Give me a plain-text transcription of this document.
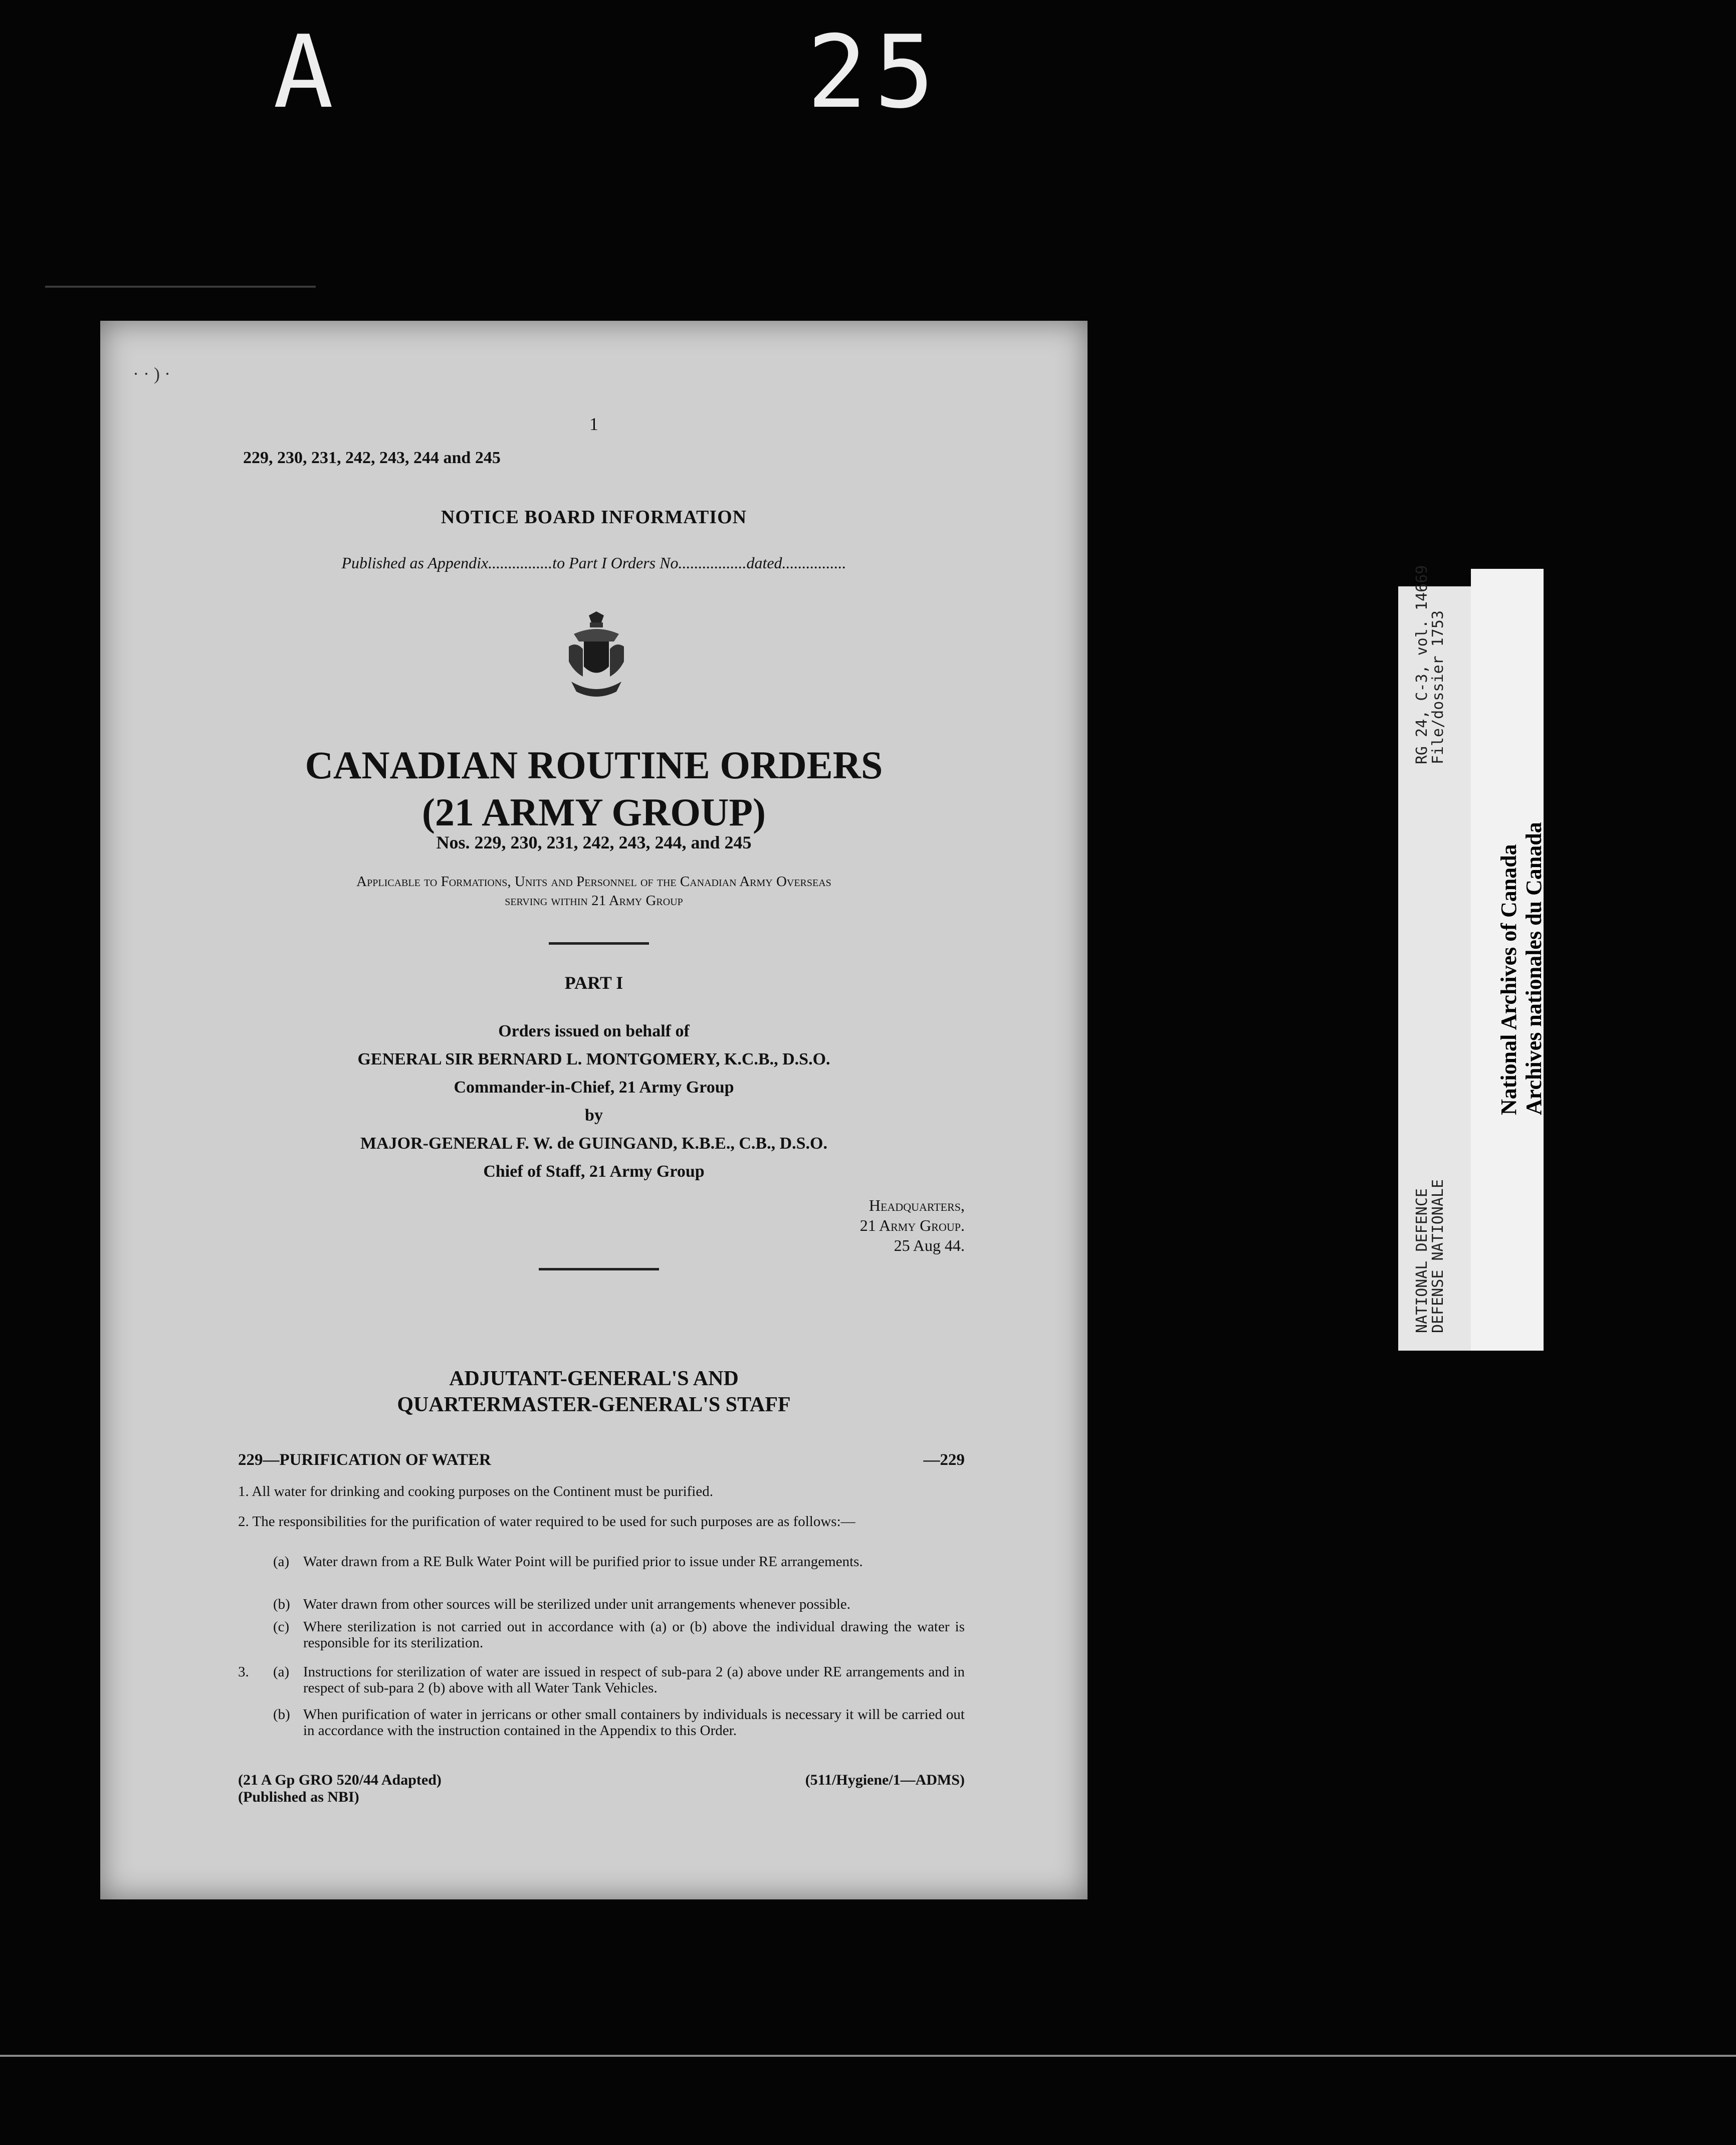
A	25
· · ) ·
1
229, 230, 231, 242, 243, 244 and 245
NOTICE BOARD INFORMATION
Published as Appendix................to Part I Orders No.................dated................
CANADIAN ROUTINE ORDERS
(21 ARMY GROUP)
Nos. 229, 230, 231, 242, 243, 244, and 245
Applicable to Formations, Units and Personnel of the Canadian Army Overseas
serving within 21 Army Group
PART I
Orders issued on behalf of
GENERAL SIR BERNARD L. MONTGOMERY, K.C.B., D.S.O.
Commander-in-Chief, 21 Army Group
by
MAJOR-GENERAL F. W. de GUINGAND, K.B.E., C.B., D.S.O.
Chief of Staff, 21 Army Group
Headquarters,
21 Army Group.
25 Aug 44.
ADJUTANT-GENERAL'S AND
QUARTERMASTER-GENERAL'S STAFF
229—PURIFICATION OF WATER	—229
1. All water for drinking and cooking purposes on the Continent must be purified.
2. The responsibilities for the purification of water required to be used for such purposes are as follows:—
(a) Water drawn from a RE Bulk Water Point will be purified prior to issue under RE arrangements.
(b) Water drawn from other sources will be sterilized under unit arrangements whenever possible.
(c) Where sterilization is not carried out in accordance with (a) or (b) above the individual drawing the water is responsible for its sterilization.
3. (a) Instructions for sterilization of water are issued in respect of sub-para 2 (a) above under RE arrangements and in respect of sub-para 2 (b) above with all Water Tank Vehicles.
(b) When purification of water in jerricans or other small containers by individuals is necessary it will be carried out in accordance with the instruction contained in the Appendix to this Order.
(21 A Gp GRO 520/44 Adapted)
(Published as NBI)
(511/Hygiene/1—ADMS)
RG 24, C-3, vol. 14669
File/dossier 1753
NATIONAL DEFENCE
DEFENSE NATIONALE
National Archives of Canada Archives nationales du Canada
